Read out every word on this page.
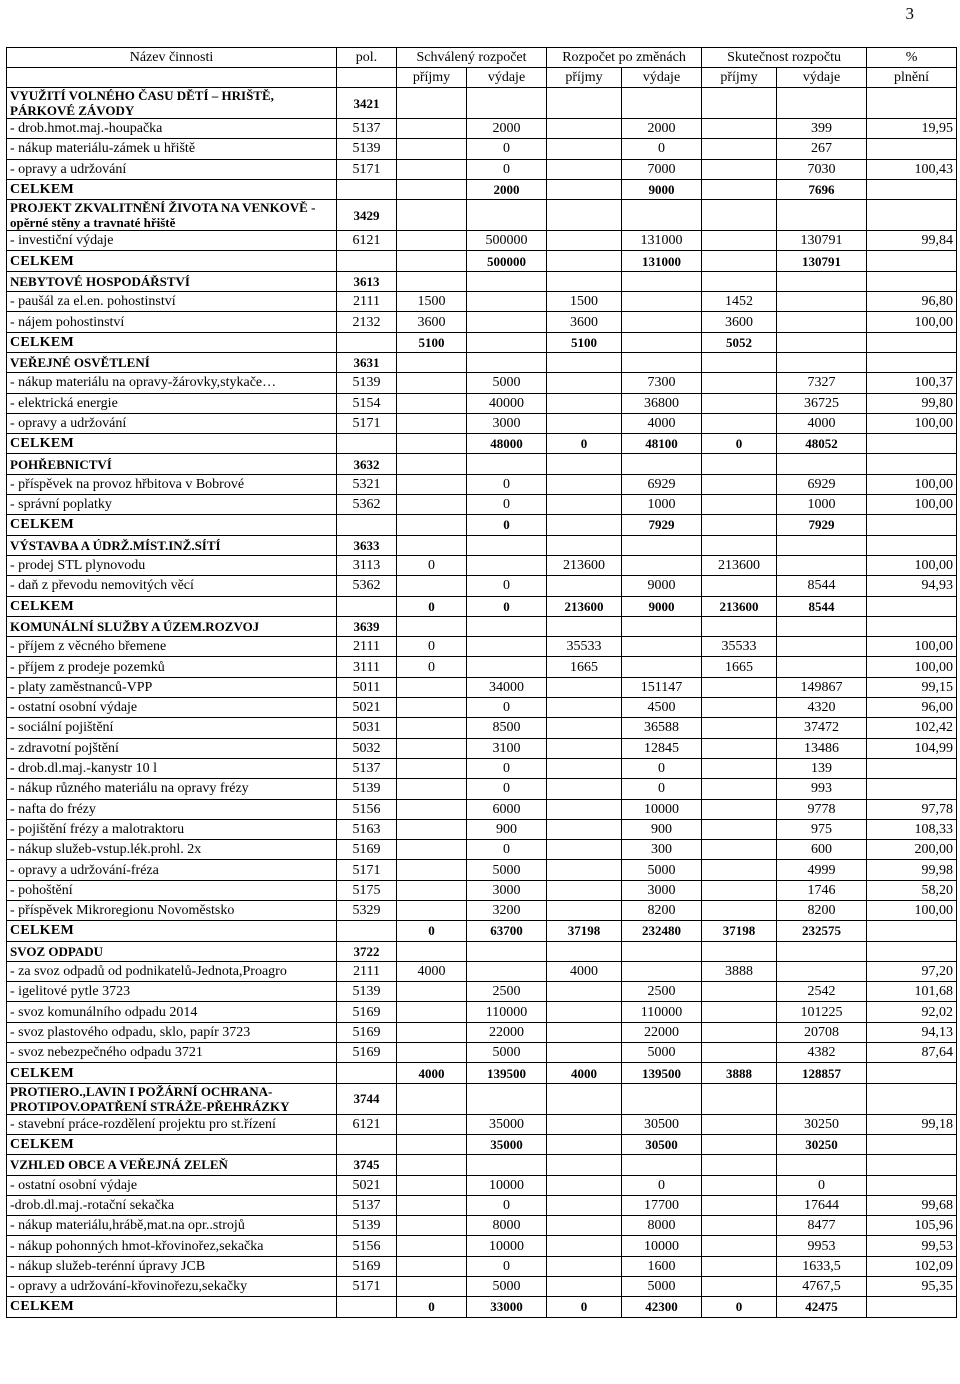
3
Název činnosti	pol.	Schválený rozpočet		Rozpočet po změnách		Skutečnost rozpočtu		%
		příjmy	výdaje	příjmy	výdaje	příjmy	výdaje	plnění
VYUŽITÍ VOLNÉHO ČASU DĚTÍ – HRIŠTĚ, PÁRKOVÉ ZÁVODY	3421							
- drob.hmot.maj.-houpačka	5137		2000		2000		399	19,95
- nákup materiálu-zámek u hřiště	5139		0		0		267	
- opravy a udržování	5171		0		7000		7030	100,43
CELKEM			2000		9000		7696	
PROJEKT ZKVALITNĚNÍ ŽIVOTA NA VENKOVĚ - opěrné stěny a travnaté hřiště	3429							
- investiční výdaje	6121		500000		131000		130791	99,84
CELKEM			500000		131000		130791	
NEBYTOVÉ HOSPODÁŘSTVÍ	3613							
- paušál za el.en. pohostinství	2111	1500		1500		1452		96,80
- nájem pohostinství	2132	3600		3600		3600		100,00
CELKEM		5100		5100		5052		
VEŘEJNÉ OSVĚTLENÍ	3631							
- nákup materiálu na opravy-žárovky,stykače…	5139		5000		7300		7327	100,37
- elektrická energie	5154		40000		36800		36725	99,80
- opravy a udržování	5171		3000		4000		4000	100,00
CELKEM			48000	0	48100	0	48052	
POHŘEBNICTVÍ	3632							
- příspěvek na provoz hřbitova v Bobrové	5321		0		6929		6929	100,00
- správní poplatky	5362		0		1000		1000	100,00
CELKEM			0		7929		7929	
VÝSTAVBA A ÚDRŽ.MÍST.INŽ.SÍTÍ	3633							
- prodej STL plynovodu	3113	0		213600		213600		100,00
- daň z převodu nemovitých věcí	5362		0		9000		8544	94,93
CELKEM		0	0	213600	9000	213600	8544	
KOMUNÁLNÍ SLUŽBY A ÚZEM.ROZVOJ	3639							
- příjem z věcného břemene	2111	0		35533		35533		100,00
- příjem z prodeje pozemků	3111	0		1665		1665		100,00
- platy zaměstnanců-VPP	5011		34000		151147		149867	99,15
- ostatní osobní výdaje	5021		0		4500		4320	96,00
- sociální pojištění	5031		8500		36588		37472	102,42
- zdravotní pojštění	5032		3100		12845		13486	104,99
- drob.dl.maj.-kanystr 10 l	5137		0		0		139	
- nákup různého materiálu na opravy frézy	5139		0		0		993	
- nafta do frézy	5156		6000		10000		9778	97,78
- pojištění frézy a malotraktoru	5163		900		900		975	108,33
- nákup služeb-vstup.lék.prohl. 2x	5169		0		300		600	200,00
- opravy a udržování-fréza	5171		5000		5000		4999	99,98
- pohoštění	5175		3000		3000		1746	58,20
- příspěvek Mikroregionu Novoměstsko	5329		3200		8200		8200	100,00
CELKEM		0	63700	37198	232480	37198	232575	
SVOZ ODPADU	3722							
- za svoz odpadů od podnikatelů-Jednota,Proagro	2111	4000		4000		3888		97,20
- igelitové pytle 3723	5139		2500		2500		2542	101,68
- svoz komunálního odpadu 2014	5169		110000		110000		101225	92,02
- svoz plastového odpadu, sklo, papír 3723	5169		22000		22000		20708	94,13
- svoz nebezpečného odpadu 3721	5169		5000		5000		4382	87,64
CELKEM		4000	139500	4000	139500	3888	128857	
PROTIERO.,LAVIN I POŽÁRNÍ OCHRANA-PROTIPOV.OPATŘENÍ STRÁŽE-PŘEHRÁZKY	3744							
- stavební práce-rozdělení projektu pro st.řízení	6121		35000		30500		30250	99,18
CELKEM			35000		30500		30250	
VZHLED OBCE A VEŘEJNÁ ZELEŇ	3745							
- ostatní osobní výdaje	5021		10000		0		0	
-drob.dl.maj.-rotační sekačka	5137		0		17700		17644	99,68
- nákup materiálu,hrábě,mat.na opr..strojů	5139		8000		8000		8477	105,96
- nákup pohonných hmot-křovinořez,sekačka	5156		10000		10000		9953	99,53
- nákup služeb-terénní úpravy JCB	5169		0		1600		1633,5	102,09
- opravy a udržování-křovinořezu,sekačky	5171		5000		5000		4767,5	95,35
CELKEM		0	33000	0	42300	0	42475	
